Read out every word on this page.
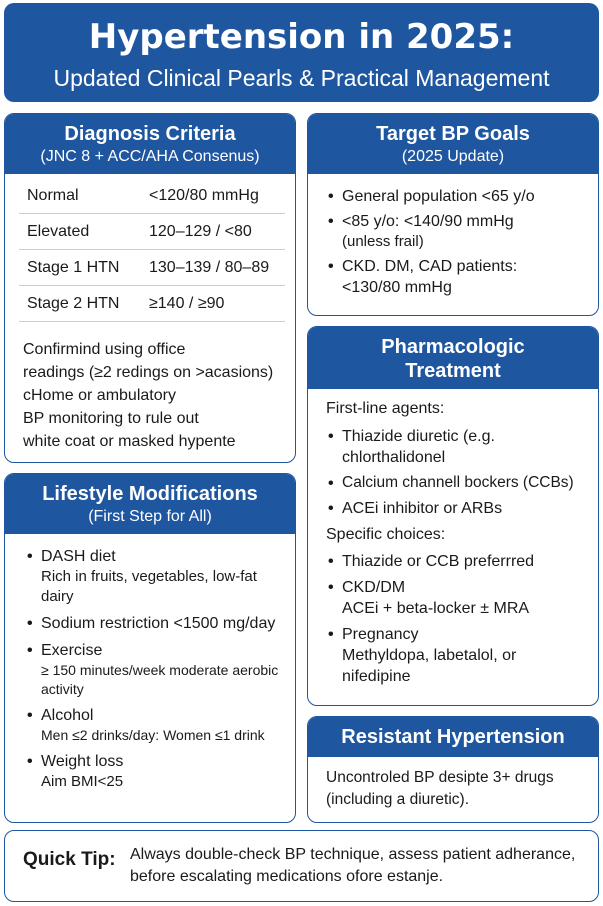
Hypertension in 2025:
Updated Clinical Pearls & Practical Management
Diagnosis Criteria
(JNC 8 + ACC/AHA Consenus)
Normal	<120/80 mmHg
Elevated	120–129 / <80
Stage 1 HTN 130–139 / 80–89
Stage 2 HTN ≥140 / ≥90
Confirmind using office
readings (≥2 redings on >acasions)
cHome or ambulatory
BP monitoring to rule out
white coat or masked hypente
Lifestyle Modifications
(First Step for All)
• DASH diet
Rich in fruits, vegetables, low-fat dairy
• Sodium restriction <1500 mg/day
• Exercise
≥ 150 minutes/week moderate aerobic activity
• Alcohol
Men ≤2 drinks/day: Women ≤1 drink
• Weight loss
Aim BMI<25
Target BP Goals
(2025 Update)
• General population <65 y/o
• <85 y/o: <140/90 mmHg
(unless frail)
• CKD. DM, CAD patients:
<130/80 mmHg
Pharmacologic
Treatment
First-line agents:
• Thiazide diuretic (e.g.
chlorthalidonel
• Calcium channell bockers (CCBs)
• ACEi inhibitor or ARBs
Specific choices:
• Thiazide or CCB preferrred
• CKD/DM
ACEi + beta-locker ± MRA
• Pregnancy
Methyldopa, labetalol, or nifedipine
Resistant Hypertension
Uncontroled BP desipte 3+ drugs (including a diuretic).
Quick Tip: Always double-check BP technique, assess patient adherance, before escalating medications ofore estanje.
